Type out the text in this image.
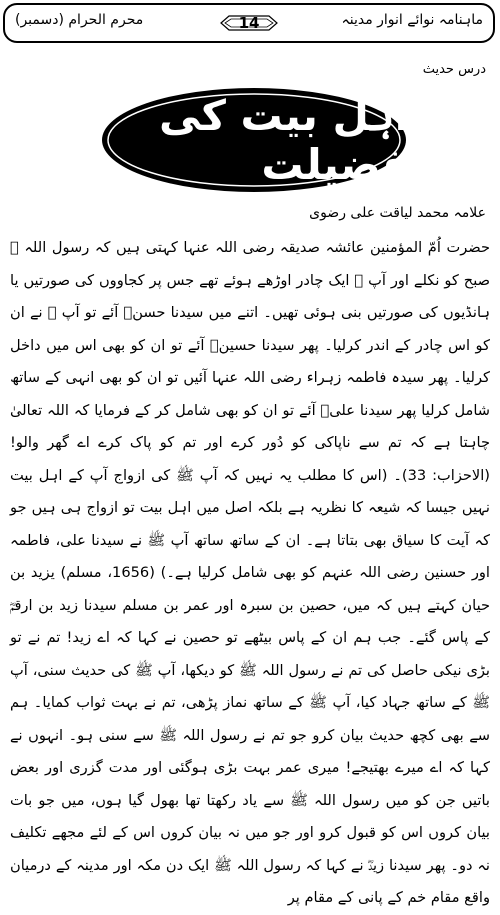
ماہنامہ نوائے انوار مدینہ
14
محرم الحرام (دسمبر)
درس حدیث
اہل بیت کی فضیلت
علامہ محمد لیاقت علی رضوی

حضرت اُمّ المؤمنین عائشہ صدیقہ رضی اللہ عنہا کہتی ہیں کہ رسول اللہ ﷺ صبح کو نکلے اور آپ ﷺ ایک چادر اوڑھے ہوئے تھے جس پر کجاووں کی صورتیں یا ہانڈیوں کی صورتیں بنی ہوئی تھیں۔ اتنے میں سیدنا حسنؓ آئے تو آپ ﷺ نے ان کو اس چادر کے اندر کرلیا۔ پھر سیدنا حسینؓ آئے تو ان کو بھی اس میں داخل کرلیا۔ پھر سیدہ فاطمہ زہراء رضی اللہ عنہا آئیں تو ان کو بھی انہی کے ساتھ شامل کرلیا پھر سیدنا علیؓ آئے تو ان کو بھی شامل کر کے فرمایا کہ اللہ تعالیٰ چاہتا ہے کہ تم سے ناپاکی کو دُور کرے اور تم کو پاک کرے اے گھر والو! (الاحزاب: 33)۔ (اس کا مطلب یہ نہیں کہ آپ ﷺ کی ازواج آپ کے اہل بیت نہیں جیسا کہ شیعہ کا نظریہ ہے بلکہ اصل میں اہل بیت تو ازواج ہی ہیں جو کہ آیت کا سیاق بھی بتاتا ہے۔ ان کے ساتھ ساتھ آپ ﷺ نے سیدنا علی، فاطمہ اور حسنین رضی اللہ عنہم کو بھی شامل کرلیا ہے۔) (1656، مسلم) یزید بن حیان کہتے ہیں کہ میں، حصین بن سبرہ اور عمر بن مسلم سیدنا زید بن ارقمؓ کے پاس گئے۔ جب ہم ان کے پاس بیٹھے تو حصین نے کہا کہ اے زید! تم نے تو بڑی نیکی حاصل کی تم نے رسول اللہ ﷺ کو دیکھا، آپ ﷺ کی حدیث سنی، آپ ﷺ کے ساتھ جہاد کیا، آپ ﷺ کے ساتھ نماز پڑھی، تم نے بہت ثواب کمایا۔ ہم سے بھی کچھ حدیث بیان کرو جو تم نے رسول اللہ ﷺ سے سنی ہو۔ انہوں نے کہا کہ اے میرے بھتیجے! میری عمر بہت بڑی ہوگئی اور مدت گزری اور بعض باتیں جن کو میں رسول اللہ ﷺ سے یاد رکھتا تھا بھول گیا ہوں، میں جو بات بیان کروں اس کو قبول کرو اور جو میں نہ بیان کروں اس کے لئے مجھے تکلیف نہ دو۔ پھر سیدنا زیدؓ نے کہا کہ رسول اللہ ﷺ ایک دن مکہ اور مدینہ کے درمیان واقع مقام خم کے پانی کے مقام پر
